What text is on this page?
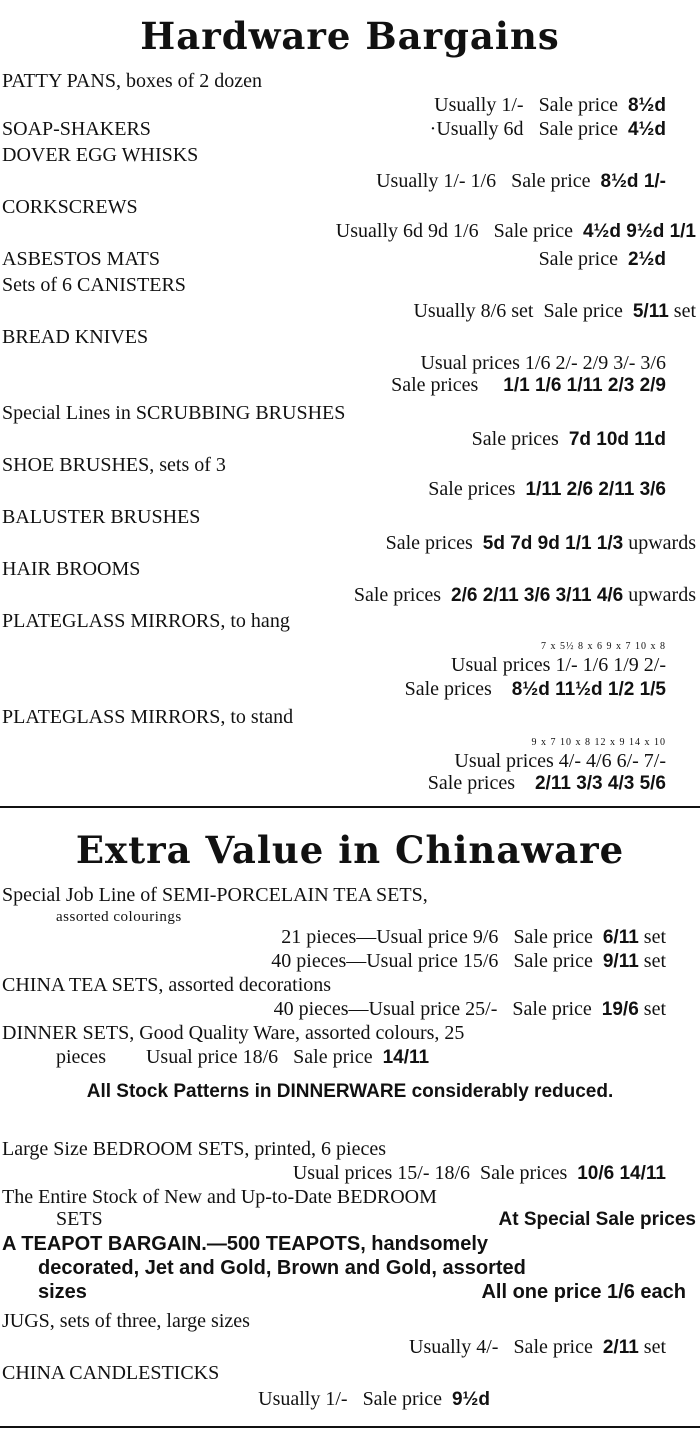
Hardware Bargains
PATTY PANS, boxes of 2 dozen
Usually 1/- Sale price 8½d
SOAP-SHAKERS	·Usually 6d Sale price 4½d
DOVER EGG WHISKS
Usually 1/- 1/6 Sale price 8½d 1/-
CORKSCREWS
Usually 6d 9d 1/6 Sale price 4½d 9½d 1/1
ASBESTOS MATS	Sale price 2½d
Sets of 6 CANISTERS
Usually 8/6 set Sale price 5/11 set
BREAD KNIVES
Usual prices 1/6 2/- 2/9 3/- 3/6
Sale prices 1/1 1/6 1/11 2/3 2/9
Special Lines in SCRUBBING BRUSHES
Sale prices 7d 10d 11d
SHOE BRUSHES, sets of 3
Sale prices 1/11 2/6 2/11 3/6
BALUSTER BRUSHES
Sale prices 5d 7d 9d 1/1 1/3 upwards
HAIR BROOMS
Sale prices 2/6 2/11 3/6 3/11 4/6 upwards
PLATEGLASS MIRRORS, to hang
7 x 5½ 8 x 6 9 x 7 10 x 8
Usual prices 1/- 1/6 1/9 2/-
Sale prices 8½d 11½d 1/2 1/5
PLATEGLASS MIRRORS, to stand
9 x 7 10 x 8 12 x 9 14 x 10
Usual prices 4/- 4/6 6/- 7/-
Sale prices 2/11 3/3 4/3 5/6
Extra Value in Chinaware
Special Job Line of SEMI-PORCELAIN TEA SETS,
assorted colourings
21 pieces—Usual price 9/6 Sale price 6/11 set
40 pieces—Usual price 15/6 Sale price 9/11 set
CHINA TEA SETS, assorted decorations
40 pieces—Usual price 25/- Sale price 19/6 set
DINNER SETS, Good Quality Ware, assorted colours, 25
pieces Usual price 18/6 Sale price 14/11
All Stock Patterns in DINNERWARE considerably reduced.
Large Size BEDROOM SETS, printed, 6 pieces
Usual prices 15/- 18/6 Sale prices 10/6 14/11
The Entire Stock of New and Up-to-Date BEDROOM
SETS	At Special Sale prices
A TEAPOT BARGAIN.—500 TEAPOTS, handsomely
decorated, Jet and Gold, Brown and Gold, assorted
sizes	All one price 1/6 each
JUGS, sets of three, large sizes
Usually 4/- Sale price 2/11 set
CHINA CANDLESTICKS
Usually 1/- Sale price 9½d
